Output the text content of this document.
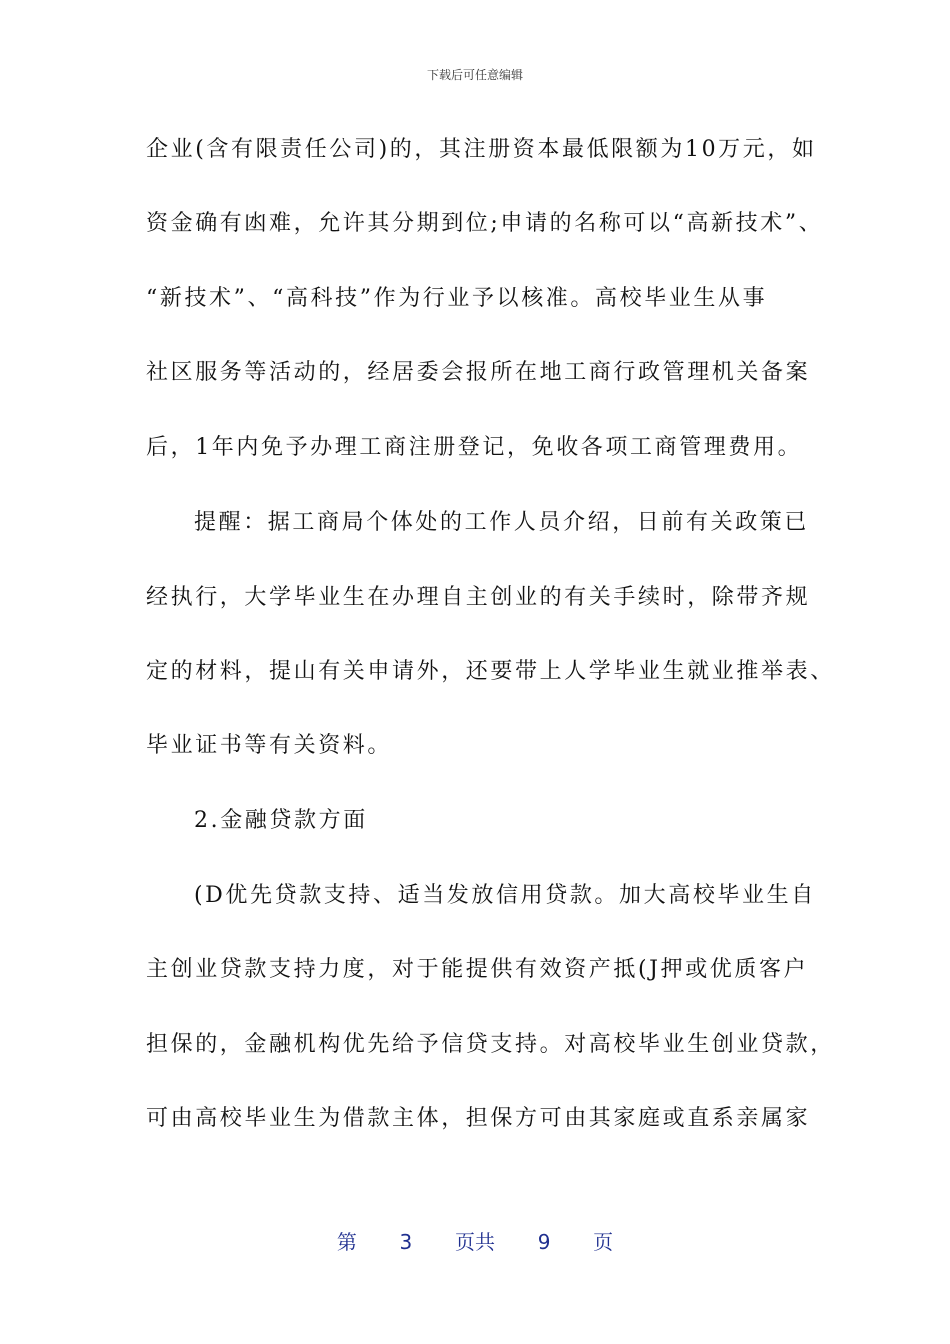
下载后可任意编辑
企业(含有限责任公司)的，其注册资本最低限额为10万元，如
资金确有凼难，允许其分期到位;申请的名称可以“高新技术”、
“新技术”、“高科技”作为行业予以核准。高校毕业生从事
社区服务等活动的，经居委会报所在地工商行政管理机关备案
后，1年内免予办理工商注册登记，免收各项工商管理费用。
提醒：据工商局个体处的工作人员介绍，日前有关政策已
经执行，大学毕业生在办理自主创业的有关手续时，除带齐规
定的材料，提山有关申请外，还要带上人学毕业生就业推举表、
毕业证书等有关资料。
2.金融贷款方面
(D优先贷款支持、适当发放信用贷款。加大高校毕业生自
主创业贷款支持力度，对于能提供有效资产抵(J押或优质客户
担保的，金融机构优先给予信贷支持。对高校毕业生创业贷款，
可由高校毕业生为借款主体，担保方可由其家庭或直系亲属家
第 3 页共 9 页
